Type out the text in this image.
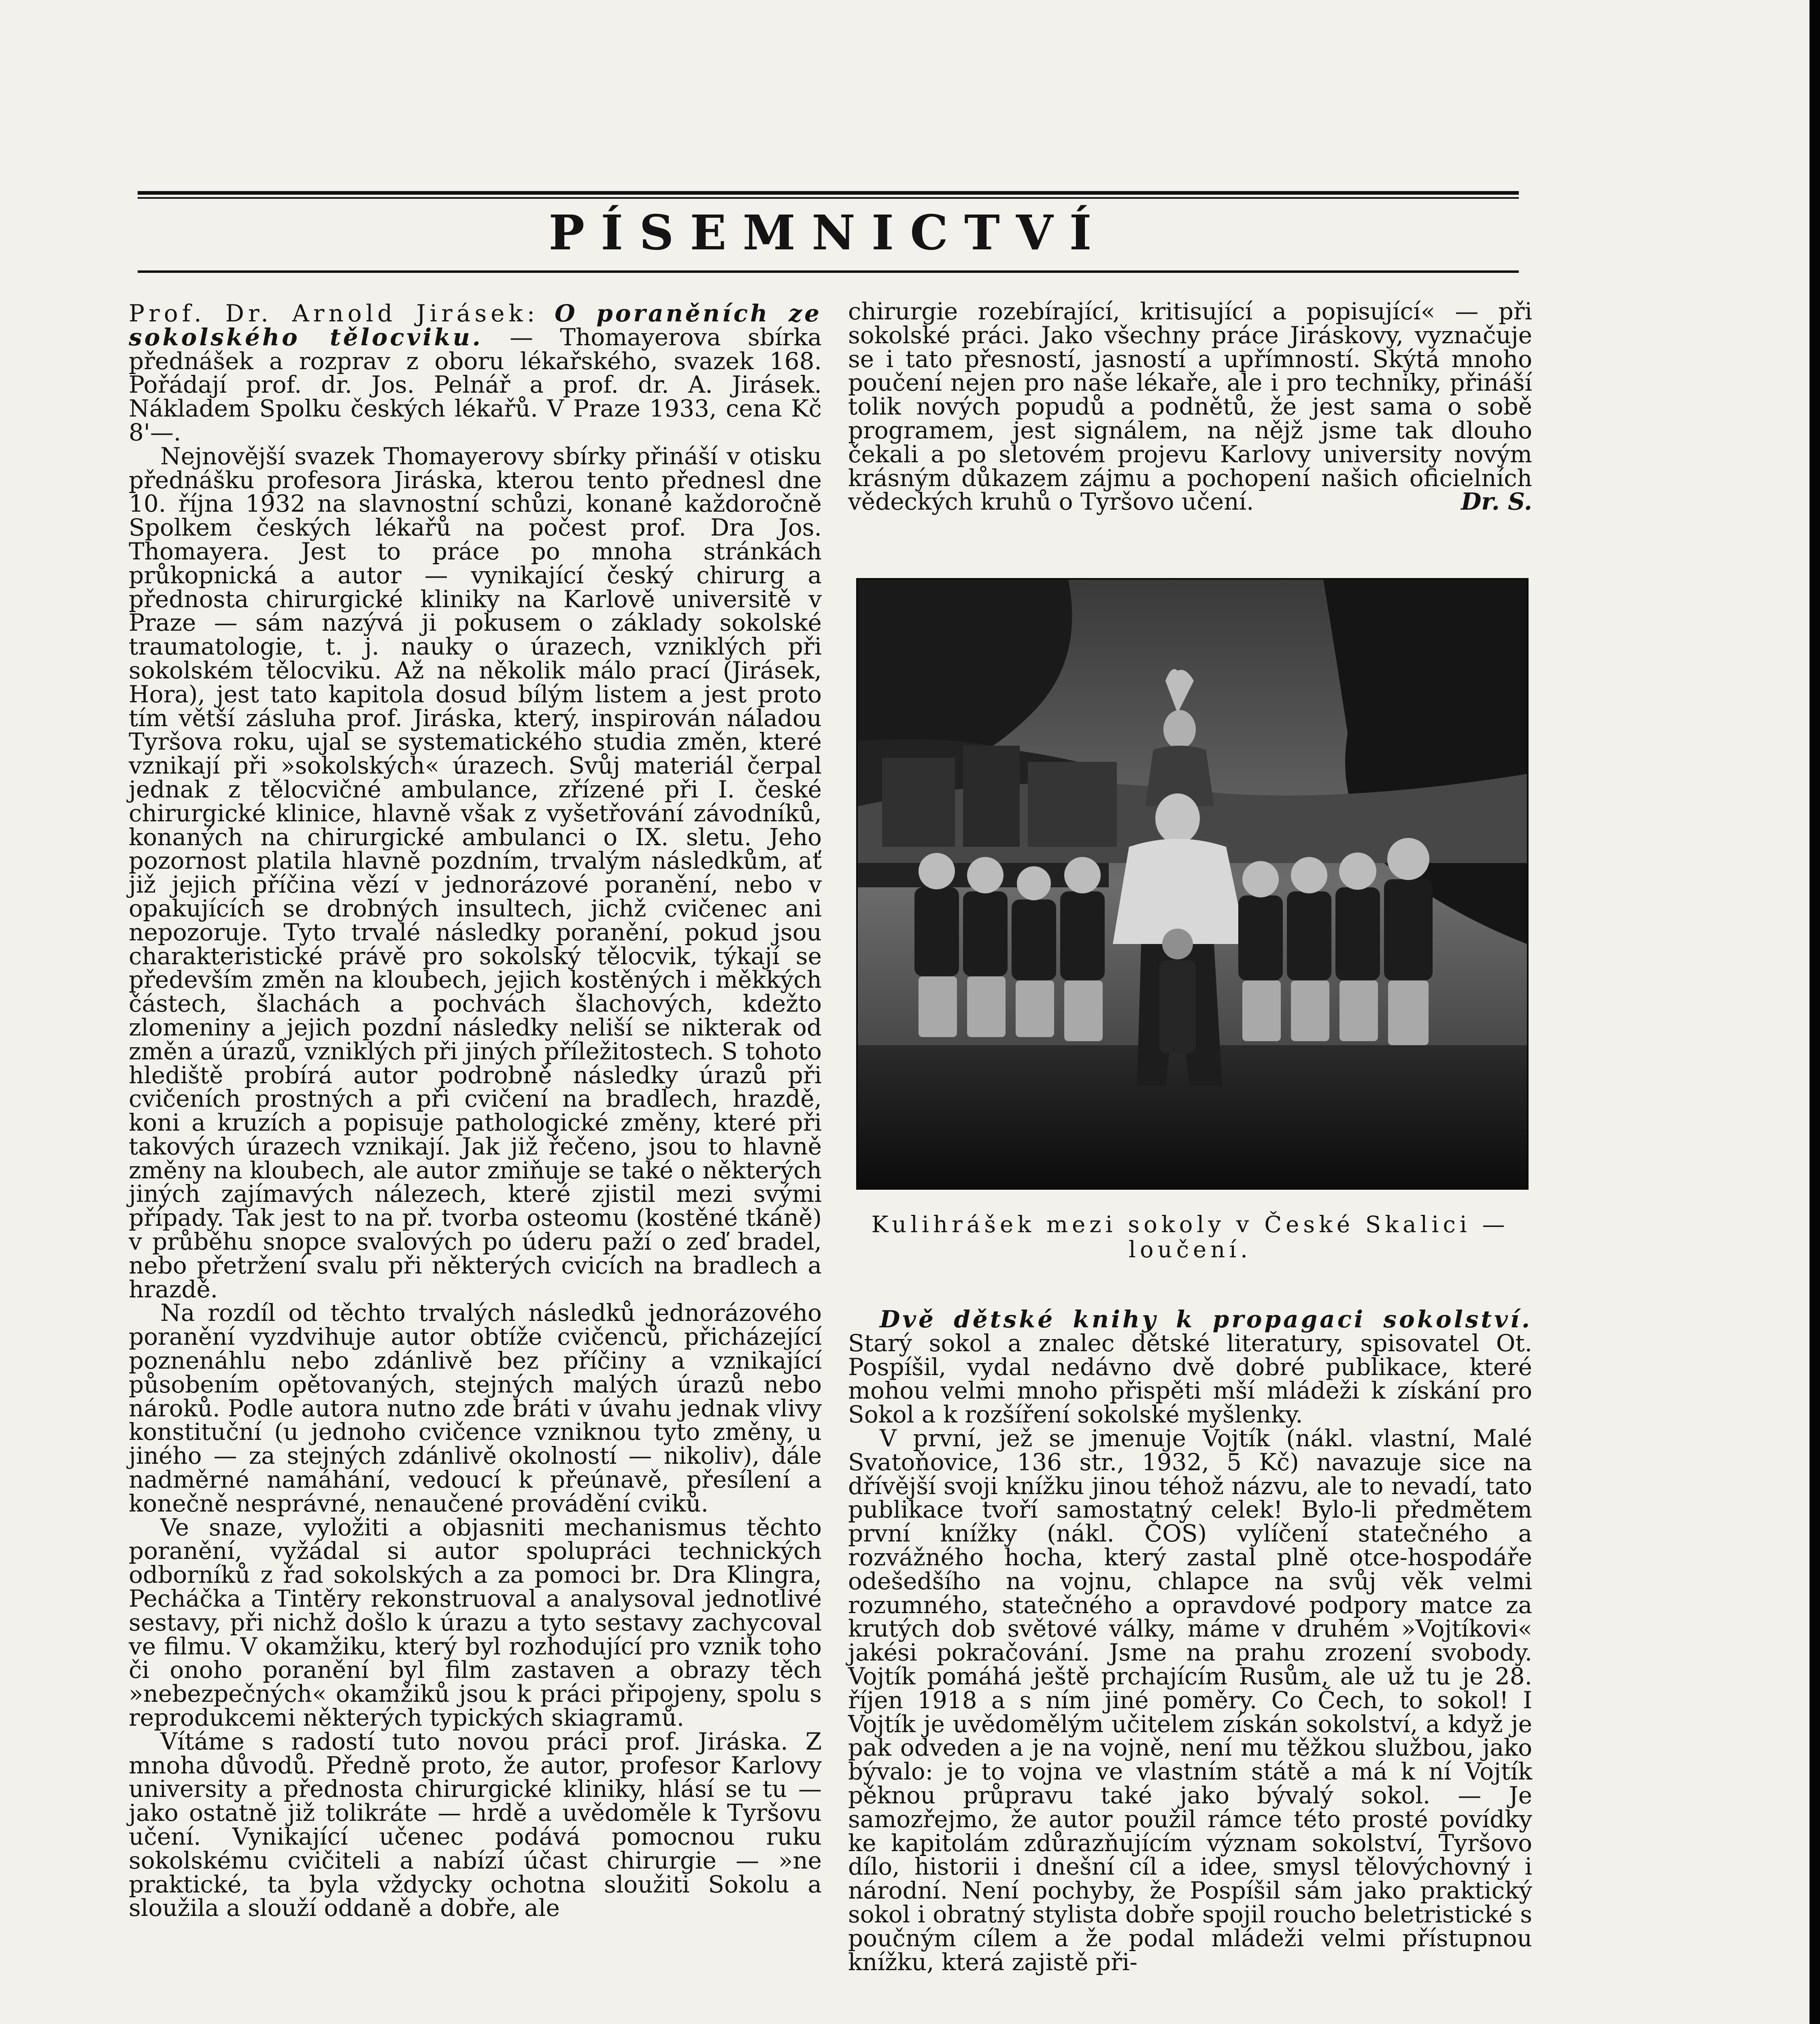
PÍSEMNICTVÍ

Prof. Dr. Arnold Jirásek: O poraněních ze sokolského tělocviku. — Thomayerova sbírka přednášek a rozprav z oboru lékařského, svazek 168. Pořádají prof. dr. Jos. Pelnář a prof. dr. A. Jirásek. Nákladem Spolku českých lékařů. V Praze 1933, cena Kč 8'—.

Nejnovější svazek Thomayerovy sbírky přináší v otisku přednášku profesora Jiráska, kterou tento přednesl dne 10. října 1932 na slavnostní schůzi, konané každoročně Spolkem českých lékařů na počest prof. Dra Jos. Thomayera. Jest to práce po mnoha stránkách průkopnická a autor — vynikající český chirurg a přednosta chirurgické kliniky na Karlově universitě v Praze — sám nazývá ji pokusem o základy sokolské traumatologie, t. j. nauky o úrazech, vzniklých při sokolském tělocviku. Až na několik málo prací (Jirásek, Hora), jest tato kapitola dosud bílým listem a jest proto tím větší zásluha prof. Jiráska, který, inspirován náladou Tyršova roku, ujal se systematického studia změn, které vznikají při »sokolských« úrazech. Svůj materiál čerpal jednak z tělocvičné ambulance, zřízené při I. české chirurgické klinice, hlavně však z vyšetřování závodníků, konaných na chirurgické ambulanci o IX. sletu. Jeho pozornost platila hlavně pozdním, trvalým následkům, ať již jejich příčina vězí v jednorázové poranění, nebo v opakujících se drobných insultech, jichž cvičenec ani nepozoruje. Tyto trvalé následky poranění, pokud jsou charakteristické právě pro sokolský tělocvik, týkají se především změn na kloubech, jejich kostěných i měkkých částech, šlachách a pochvách šlachových, kdežto zlomeniny a jejich pozdní následky neliší se nikterak od změn a úrazů, vzniklých při jiných příležitostech. S tohoto hlediště probírá autor podrobně následky úrazů při cvičeních prostných a při cvičení na bradlech, hrazdě, koni a kruzích a popisuje pathologické změny, které při takových úrazech vznikají. Jak již řečeno, jsou to hlavně změny na kloubech, ale autor zmiňuje se také o některých jiných zajímavých nálezech, které zjistil mezi svými případy. Tak jest to na př. tvorba osteomu (kostěné tkáně) v průběhu snopce svalových po úderu paží o zeď bradel, nebo přetržení svalu při některých cvicích na bradlech a hrazdě.

Na rozdíl od těchto trvalých následků jednorázového poranění vyzdvihuje autor obtíže cvičenců, přicházející poznenáhlu nebo zdánlivě bez příčiny a vznikající působením opětovaných, stejných malých úrazů nebo nároků. Podle autora nutno zde bráti v úvahu jednak vlivy konstituční (u jednoho cvičence vzniknou tyto změny, u jiného — za stejných zdánlivě okolností — nikoliv), dále nadměrné namáhání, vedoucí k přeúnavě, přesílení a konečně nesprávné, nenaučené provádění cviků.

Ve snaze, vyložiti a objasniti mechanismus těchto poranění, vyžádal si autor spolupráci technických odborníků z řad sokolských a za pomoci br. Dra Klingra, Pecháčka a Tintěry rekonstruoval a analysoval jednotlivé sestavy, při nichž došlo k úrazu a tyto sestavy zachycoval ve filmu. V okamžiku, který byl rozhodující pro vznik toho či onoho poranění byl film zastaven a obrazy těch »nebezpečných« okamžiků jsou k práci připojeny, spolu s reprodukcemi některých typických skiagramů.

Vítáme s radostí tuto novou práci prof. Jiráska. Z mnoha důvodů. Předně proto, že autor, profesor Karlovy university a přednosta chirurgické kliniky, hlásí se tu — jako ostatně již tolikráte — hrdě a uvědoměle k Tyršovu učení. Vynikající učenec podává pomocnou ruku sokolskému cvičiteli a nabízí účast chirurgie — »ne praktické, ta byla vždycky ochotna sloužiti Sokolu a sloužila a slouží oddaně a dobře, ale

chirurgie rozebírající, kritisující a popisující« — při sokolské práci. Jako všechny práce Jiráskovy, vyznačuje se i tato přesností, jasností a upřímností. Skýtá mnoho poučení nejen pro naše lékaře, ale i pro techniky, přináší tolik nových popudů a podnětů, že jest sama o sobě programem, jest signálem, na nějž jsme tak dlouho čekali a po sletovém projevu Karlovy university novým krásným důkazem zájmu a pochopení našich oficielních vědeckých kruhů o Tyršovo učení.	Dr. S.

Kulihrášek mezi sokoly v České Skalici — loučení.

Dvě dětské knihy k propagaci sokolství. Starý sokol a znalec dětské literatury, spisovatel Ot. Pospíšil, vydal nedávno dvě dobré publikace, které mohou velmi mnoho přispěti mší mládeži k získání pro Sokol a k rozšíření sokolské myšlenky.

V první, jež se jmenuje Vojtík (nákl. vlastní, Malé Svatoňovice, 136 str., 1932, 5 Kč) navazuje sice na dřívější svoji knížku jinou téhož názvu, ale to nevadí, tato publikace tvoří samostatný celek! Bylo-li předmětem první knížky (nákl. ČOS) vylíčení statečného a rozvážného hocha, který zastal plně otce-hospodáře odešedšího na vojnu, chlapce na svůj věk velmi rozumného, statečného a opravdové podpory matce za krutých dob světové války, máme v druhém »Vojtíkovi« jakési pokračování. Jsme na prahu zrození svobody. Vojtík pomáhá ještě prchajícím Rusům, ale už tu je 28. říjen 1918 a s ním jiné poměry. Co Čech, to sokol! I Vojtík je uvědomělým učitelem získán sokolství, a když je pak odveden a je na vojně, není mu těžkou službou, jako bývalo: je to vojna ve vlastním státě a má k ní Vojtík pěknou průpravu také jako bývalý sokol. — Je samozřejmo, že autor použil rámce této prosté povídky ke kapitolám zdůrazňujícím význam sokolství, Tyršovo dílo, historii i dnešní cíl a idee, smysl tělovýchovný i národní. Není pochyby, že Pospíšil sám jako praktický sokol i obratný stylista dobře spojil roucho beletristické s poučným cílem a že podal mládeži velmi přístupnou knížku, která zajistě při-
